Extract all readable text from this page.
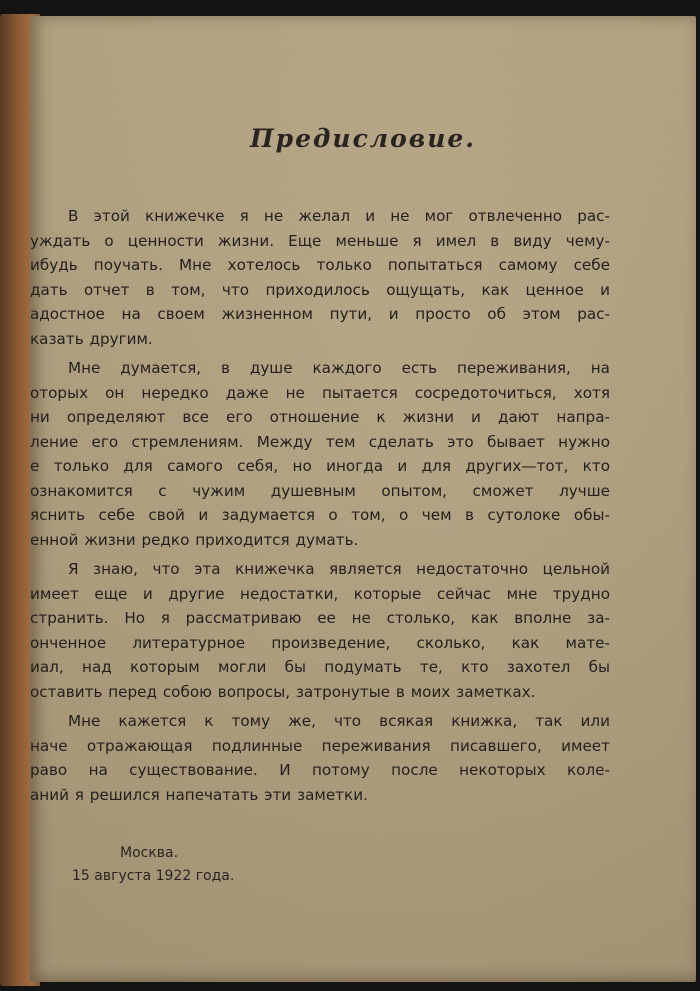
Предисловие.
В этой книжечке я не желал и не мог отвлеченно рас-
уждать о ценности жизни. Еще меньше я имел в виду чему-
ибудь поучать. Мне хотелось только попытаться самому себе
дать отчет в том, что приходилось ощущать, как ценное и
адостное на своем жизненном пути, и просто об этом рас-
казать другим.
Мне думается, в душе каждого есть переживания, на
оторых он нередко даже не пытается сосредоточиться, хотя
ни определяют все его отношение к жизни и дают напра-
ление его стремлениям. Между тем сделать это бывает нужно
е только для самого себя, но иногда и для других—тот, кто
ознакомится с чужим душевным опытом, сможет лучше
яснить себе свой и задумается о том, о чем в сутолоке обы-
енной жизни редко приходится думать.
Я знаю, что эта книжечка является недостаточно цельной
имеет еще и другие недостатки, которые сейчас мне трудно
странить. Но я рассматриваю ее не столько, как вполне за-
онченное литературное произведение, сколько, как мате-
иал, над которым могли бы подумать те, кто захотел бы
оставить перед собою вопросы, затронутые в моих заметках.
Мне кажется к тому же, что всякая книжка, так или
наче отражающая подлинные переживания писавшего, имеет
раво на существование. И потому после некоторых коле-
аний я решился напечатать эти заметки.

Москва.

15 августа 1922 года.
